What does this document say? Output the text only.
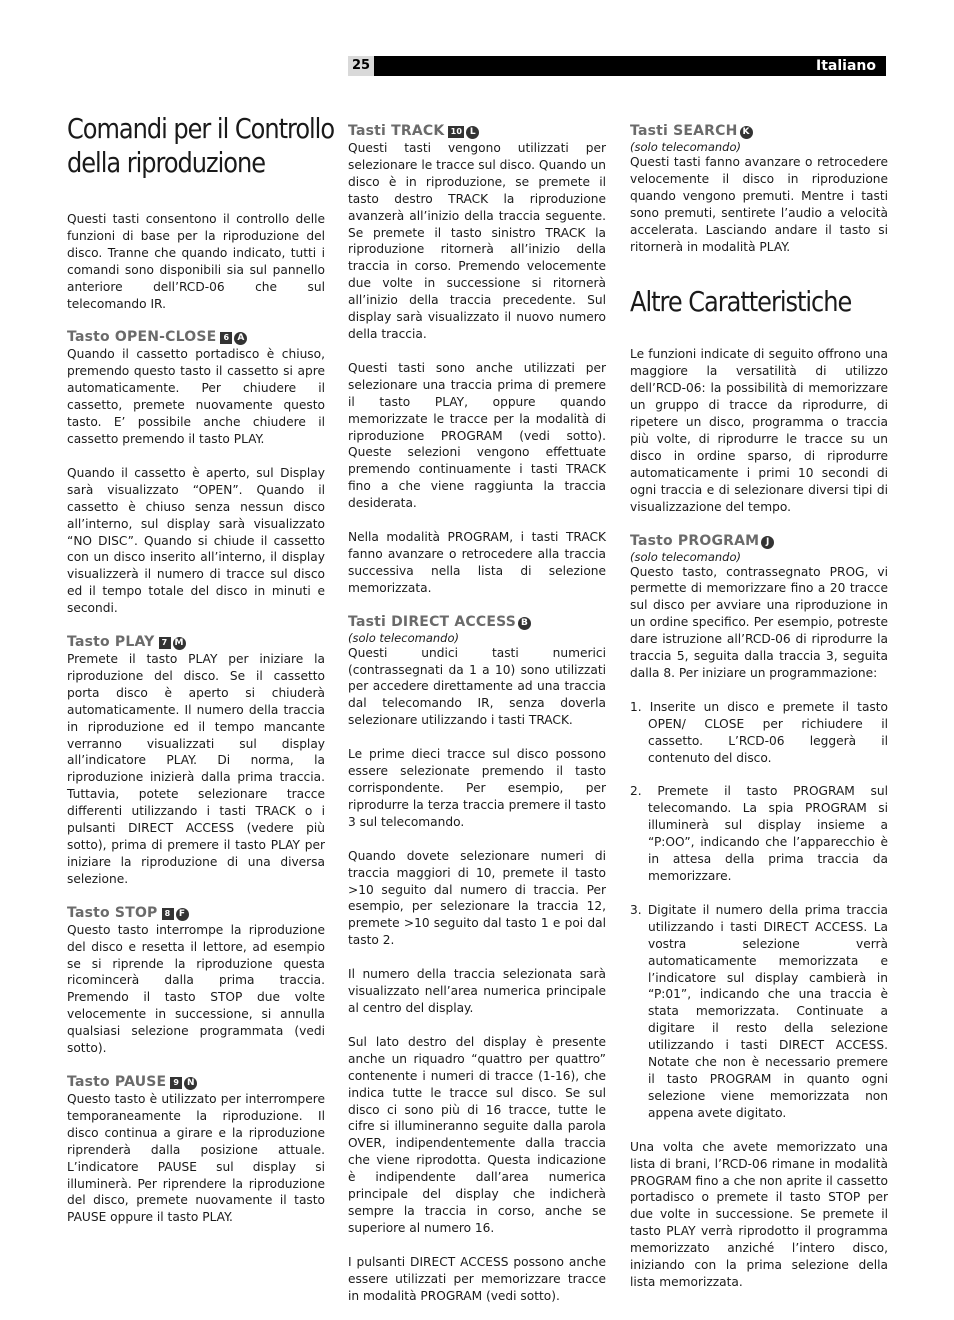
25	Italiano
Comandi per il Controllo
della riproduzione

Questi tasti consentono il controllo delle funzioni di base per la riproduzione del disco. Tranne che quando indicato, tutti i comandi sono disponibili sia sul pannello anteriore dell’RCD-06 che sul telecomando IR.

Tasto OPEN-CLOSE 6 A

Quando il cassetto portadisco è chiuso, premendo questo tasto il cassetto si apre automaticamente. Per chiudere il cassetto, premete nuovamente questo tasto. E’ possibile anche chiudere il cassetto premendo il tasto PLAY.

Quando il cassetto è aperto, sul Display sarà visualizzato “OPEN”. Quando il cassetto è chiuso senza nessun disco all’interno, sul display sarà visualizzato “NO DISC”. Quando si chiude il cassetto con un disco inserito all’interno, il display visualizzerà il numero di tracce sul disco ed il tempo totale del disco in minuti e secondi.

Tasto PLAY 7 M

Premete il tasto PLAY per iniziare la riproduzione del disco. Se il cassetto porta disco è aperto si chiuderà automaticamente. Il numero della traccia in riproduzione ed il tempo mancante verranno visualizzati sul display all’indicatore PLAY. Di norma, la riproduzione inizierà dalla prima traccia. Tuttavia, potete selezionare tracce differenti utilizzando i tasti TRACK o i pulsanti DIRECT ACCESS (vedere più sotto), prima di premere il tasto PLAY per iniziare la riproduzione di una diversa selezione.

Tasto STOP 8 F

Questo tasto interrompe la riproduzione del disco e resetta il lettore, ad esempio se si riprende la riproduzione questa ricomincerà dalla prima traccia. Premendo il tasto STOP due volte velocemente in successione, si annulla qualsiasi selezione programmata (vedi sotto).

Tasto PAUSE 9 N

Questo tasto è utilizzato per interrompere temporaneamente la riproduzione. Il disco continua a girare e la riproduzione riprenderà dalla posizione attuale. L’indicatore PAUSE sul display si illuminerà. Per riprendere la riproduzione del disco, premete nuovamente il tasto PAUSE oppure il tasto PLAY.

Tasti TRACK 10 L

Questi tasti vengono utilizzati per selezionare le tracce sul disco. Quando un disco è in riproduzione, se premete il tasto destro TRACK la riproduzione avanzerà all’inizio della traccia seguente. Se premete il tasto sinistro TRACK la riproduzione ritornerà all’inizio della traccia in corso. Premendo velocemente due volte in successione si ritornerà all’inizio della traccia precedente. Sul display sarà visualizzato il nuovo numero della traccia.

Questi tasti sono anche utilizzati per selezionare una traccia prima di premere il tasto PLAY, oppure quando memorizzate le tracce per la modalità di riproduzione PROGRAM (vedi sotto). Queste selezioni vengono effettuate premendo continuamente i tasti TRACK fino a che viene raggiunta la traccia desiderata.

Nella modalità PROGRAM, i tasti TRACK fanno avanzare o retrocedere alla traccia successiva nella lista di selezione memorizzata.

Tasti DIRECT ACCESS B

(solo telecomando)

Questi undici tasti numerici (contrassegnati da 1 a 10) sono utilizzati per accedere direttamente ad una traccia dal telecomando IR, senza doverla selezionare utilizzando i tasti TRACK.

Le prime dieci tracce sul disco possono essere selezionate premendo il tasto corrispondente. Per esempio, per riprodurre la terza traccia premere il tasto 3 sul telecomando.

Quando dovete selezionare numeri di traccia maggiori di 10, premete il tasto >10 seguito dal numero di traccia. Per esempio, per selezionare la traccia 12, premete >10 seguito dal tasto 1 e poi dal tasto 2.

Il numero della traccia selezionata sarà visualizzato nell’area numerica principale al centro del display.

Sul lato destro del display è presente anche un riquadro “quattro per quattro” contenente i numeri di tracce (1-16), che indica tutte le tracce sul disco. Se sul disco ci sono più di 16 tracce, tutte le cifre si illumineranno seguite dalla parola OVER, indipendentemente dalla traccia che viene riprodotta. Questa indicazione è indipendente dall’area numerica principale del display che indicherà sempre la traccia in corso, anche se superiore al numero 16.

I pulsanti DIRECT ACCESS possono anche essere utilizzati per memorizzare tracce in modalità PROGRAM (vedi sotto).

Tasti SEARCH K

(solo telecomando)

Questi tasti fanno avanzare o retrocedere velocemente il disco in riproduzione quando vengono premuti. Mentre i tasti sono premuti, sentirete l’audio a velocità accelerata. Lasciando andare il tasto si ritornerà in modalità PLAY.

Altre Caratteristiche

Le funzioni indicate di seguito offrono una maggiore la versatilità di utilizzo dell’RCD-06: la possibilità di memorizzare un gruppo di tracce da riprodurre, di ripetere un disco, programma o traccia più volte, di riprodurre le tracce su un disco in ordine sparso, di riprodurre automaticamente i primi 10 secondi di ogni traccia e di selezionare diversi tipi di visualizzazione del tempo.

Tasto PROGRAM J

(solo telecomando)

Questo tasto, contrassegnato PROG, vi permette di memorizzare fino a 20 tracce sul disco per avviare una riproduzione in un ordine specifico. Per esempio, potreste dare istruzione all’RCD-06 di riprodurre la traccia 5, seguita dalla traccia 3, seguita dalla 8. Per iniziare un programmazione:

1. Inserite un disco e premete il tasto OPEN/ CLOSE per richiudere il cassetto. L’RCD-06 leggerà il contenuto del disco.

2. Premete il tasto PROGRAM sul telecomando. La spia PROGRAM si illuminerà sul display insieme a “P:OO”, indicando che l’apparecchio è in attesa della prima traccia da memorizzare.

3. Digitate il numero della prima traccia utilizzando i tasti DIRECT ACCESS. La vostra selezione verrà automaticamente memorizzata e l’indicatore sul display cambierà in “P:01”, indicando che una traccia è stata memorizzata. Continuate a digitare il resto della selezione utilizzando i tasti DIRECT ACCESS. Notate che non è necessario premere il tasto PROGRAM in quanto ogni selezione viene memorizzata non appena avete digitato.

Una volta che avete memorizzato una lista di brani, l’RCD-06 rimane in modalità PROGRAM fino a che non aprite il cassetto portadisco o premete il tasto STOP per due volte in successione. Se premete il tasto PLAY verrà riprodotto il programma memorizzato anziché l’intero disco, iniziando con la prima selezione della lista memorizzata.
